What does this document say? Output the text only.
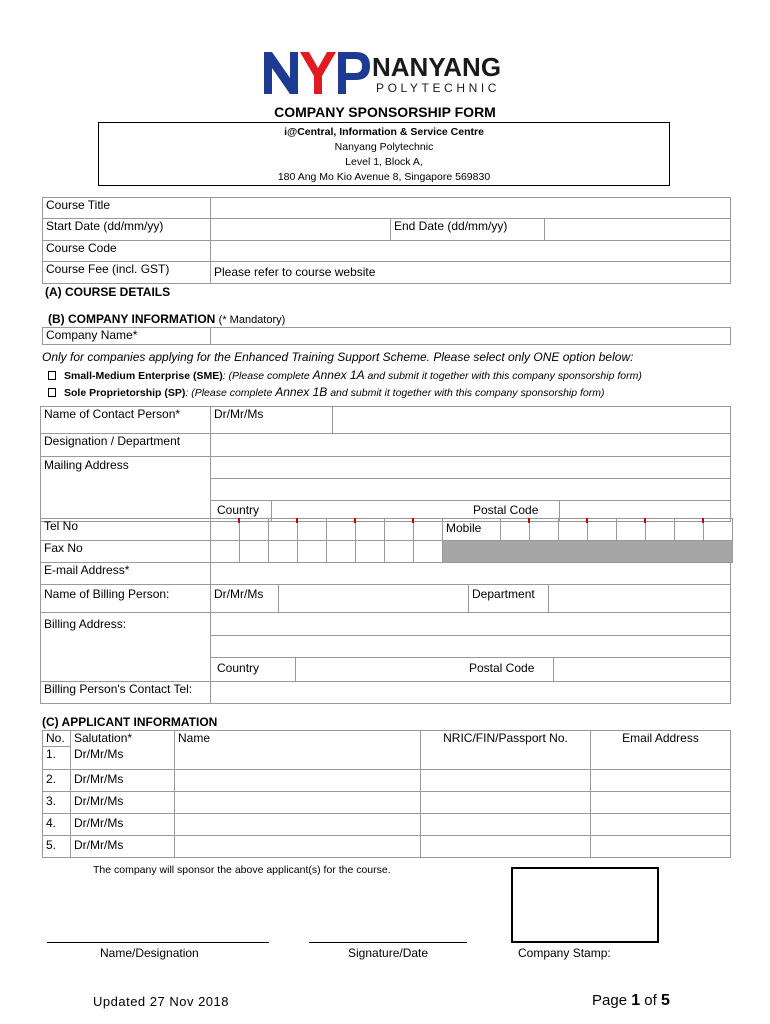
NANYANG
POLYTECHNIC
COMPANY SPONSORSHIP FORM
i@Central, Information & Service Centre
Nanyang Polytechnic
Level 1, Block A,
180 Ang Mo Kio Avenue 8, Singapore 569830
Course Title			
Start Date (dd/mm/yy)		End Date (dd/mm/yy)	
Course Code			
Course Fee (incl. GST)	Please refer to course website		
(A) COURSE DETAILS
(B) COMPANY INFORMATION (* Mandatory)
Company Name*	
Only for companies applying for the Enhanced Training Support Scheme. Please select only ONE option below:
Small-Medium Enterprise (SME): (Please complete Annex 1A and submit it together with this company sponsorship form)
Sole Proprietorship (SP): (Please complete Annex 1B and submit it together with this company sponsorship form)
Name of Contact Person*	Dr/Mr/Ms	
Designation / Department		
Mailing Address		

	Country Postal Code	
Tel No									Mobile								
Fax No																	
E-mail Address*				
Name of Billing Person:	Dr/Mr/Ms		Department	
Billing Address:				

	Country Postal Code			

Billing Person's Contact Tel:				
(C) APPLICANT INFORMATION
No.	Salutation*	Name	NRIC/FIN/Passport No.	Email Address
1.	Dr/Mr/Ms			
2.	Dr/Mr/Ms			
3.	Dr/Mr/Ms			
4.	Dr/Mr/Ms			
5.	Dr/Mr/Ms			
The company will sponsor the above applicant(s) for the course.
Name/Designation	Signature/Date	Company Stamp:
Updated 27 Nov 2018	Page 1 of 5
